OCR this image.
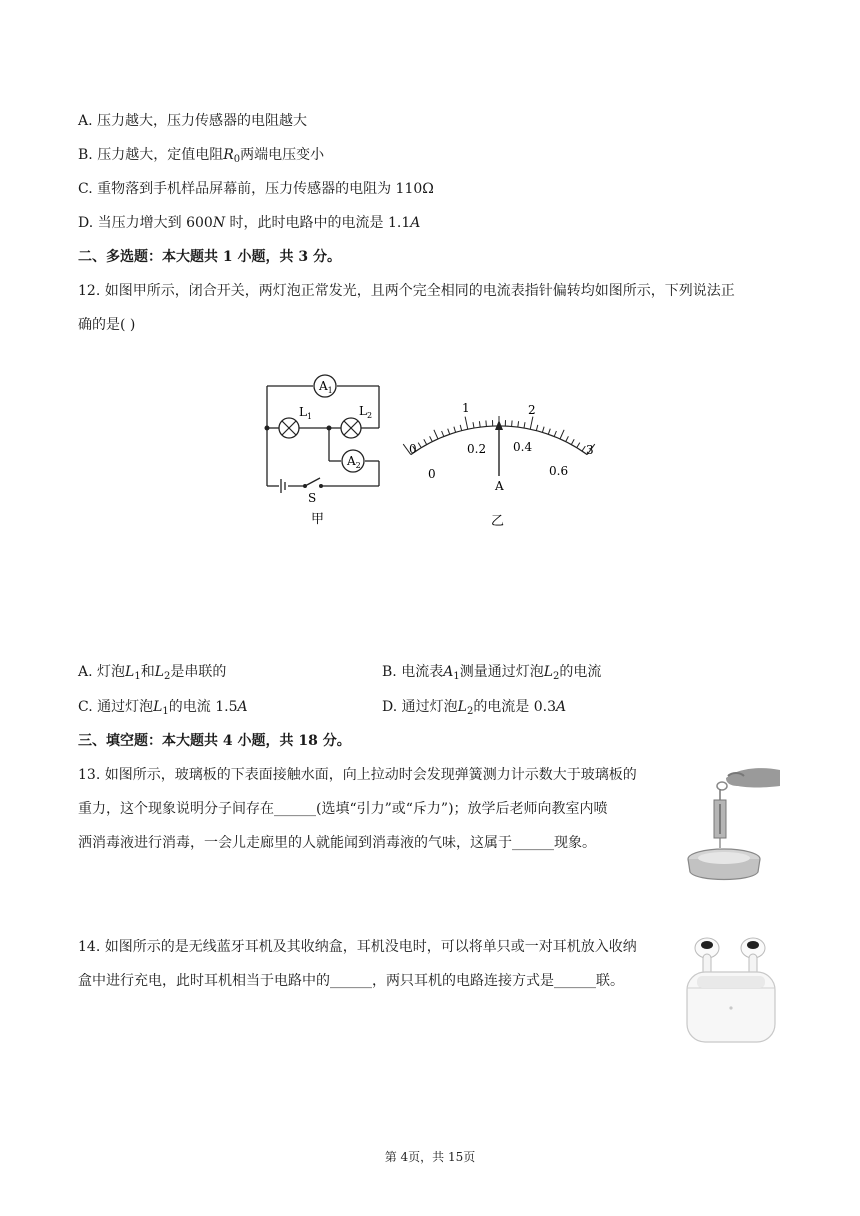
A. 压力越大，压力传感器的电阻越大
B. 压力越大，定值电阻$R_0$两端电压变小
C. 重物落到手机样品屏幕前，压力传感器的电阻为 110Ω
D. 当压力增大到 600N 时，此时电路中的电流是 1.1A
二、多选题：本大题共 1 小题，共 3 分。
12. 如图甲所示，闭合开关，两灯泡正常发光，且两个完全相同的电流表指针偏转均如图所示，下列说法正
确的是( )
$A_1$
$A_2$
$L_1$	$L_2$
S
甲
0
1	2
3
0
0.2 0.4
0.6
A
乙
A. 灯泡$L_1$和$L_2$是串联的	B. 电流表$A_1$测量通过灯泡$L_2$的电流
C. 通过灯泡$L_1$的电流 1.5A	D. 通过灯泡$L_2$的电流是 0.3A
三、填空题：本大题共 4 小题，共 18 分。
13. 如图所示，玻璃板的下表面接触水面，向上拉动时会发现弹簧测力计示数大于玻璃板的
重力，这个现象说明分子间存在______(选填“引力”或“斥力”)；放学后老师向教室内喷
洒消毒液进行消毒，一会儿走廊里的人就能闻到消毒液的气味，这属于______现象。
14. 如图所示的是无线蓝牙耳机及其收纳盒，耳机没电时，可以将单只或一对耳机放入收纳
盒中进行充电，此时耳机相当于电路中的______，两只耳机的电路连接方式是______联。
第 4页，共 15页
